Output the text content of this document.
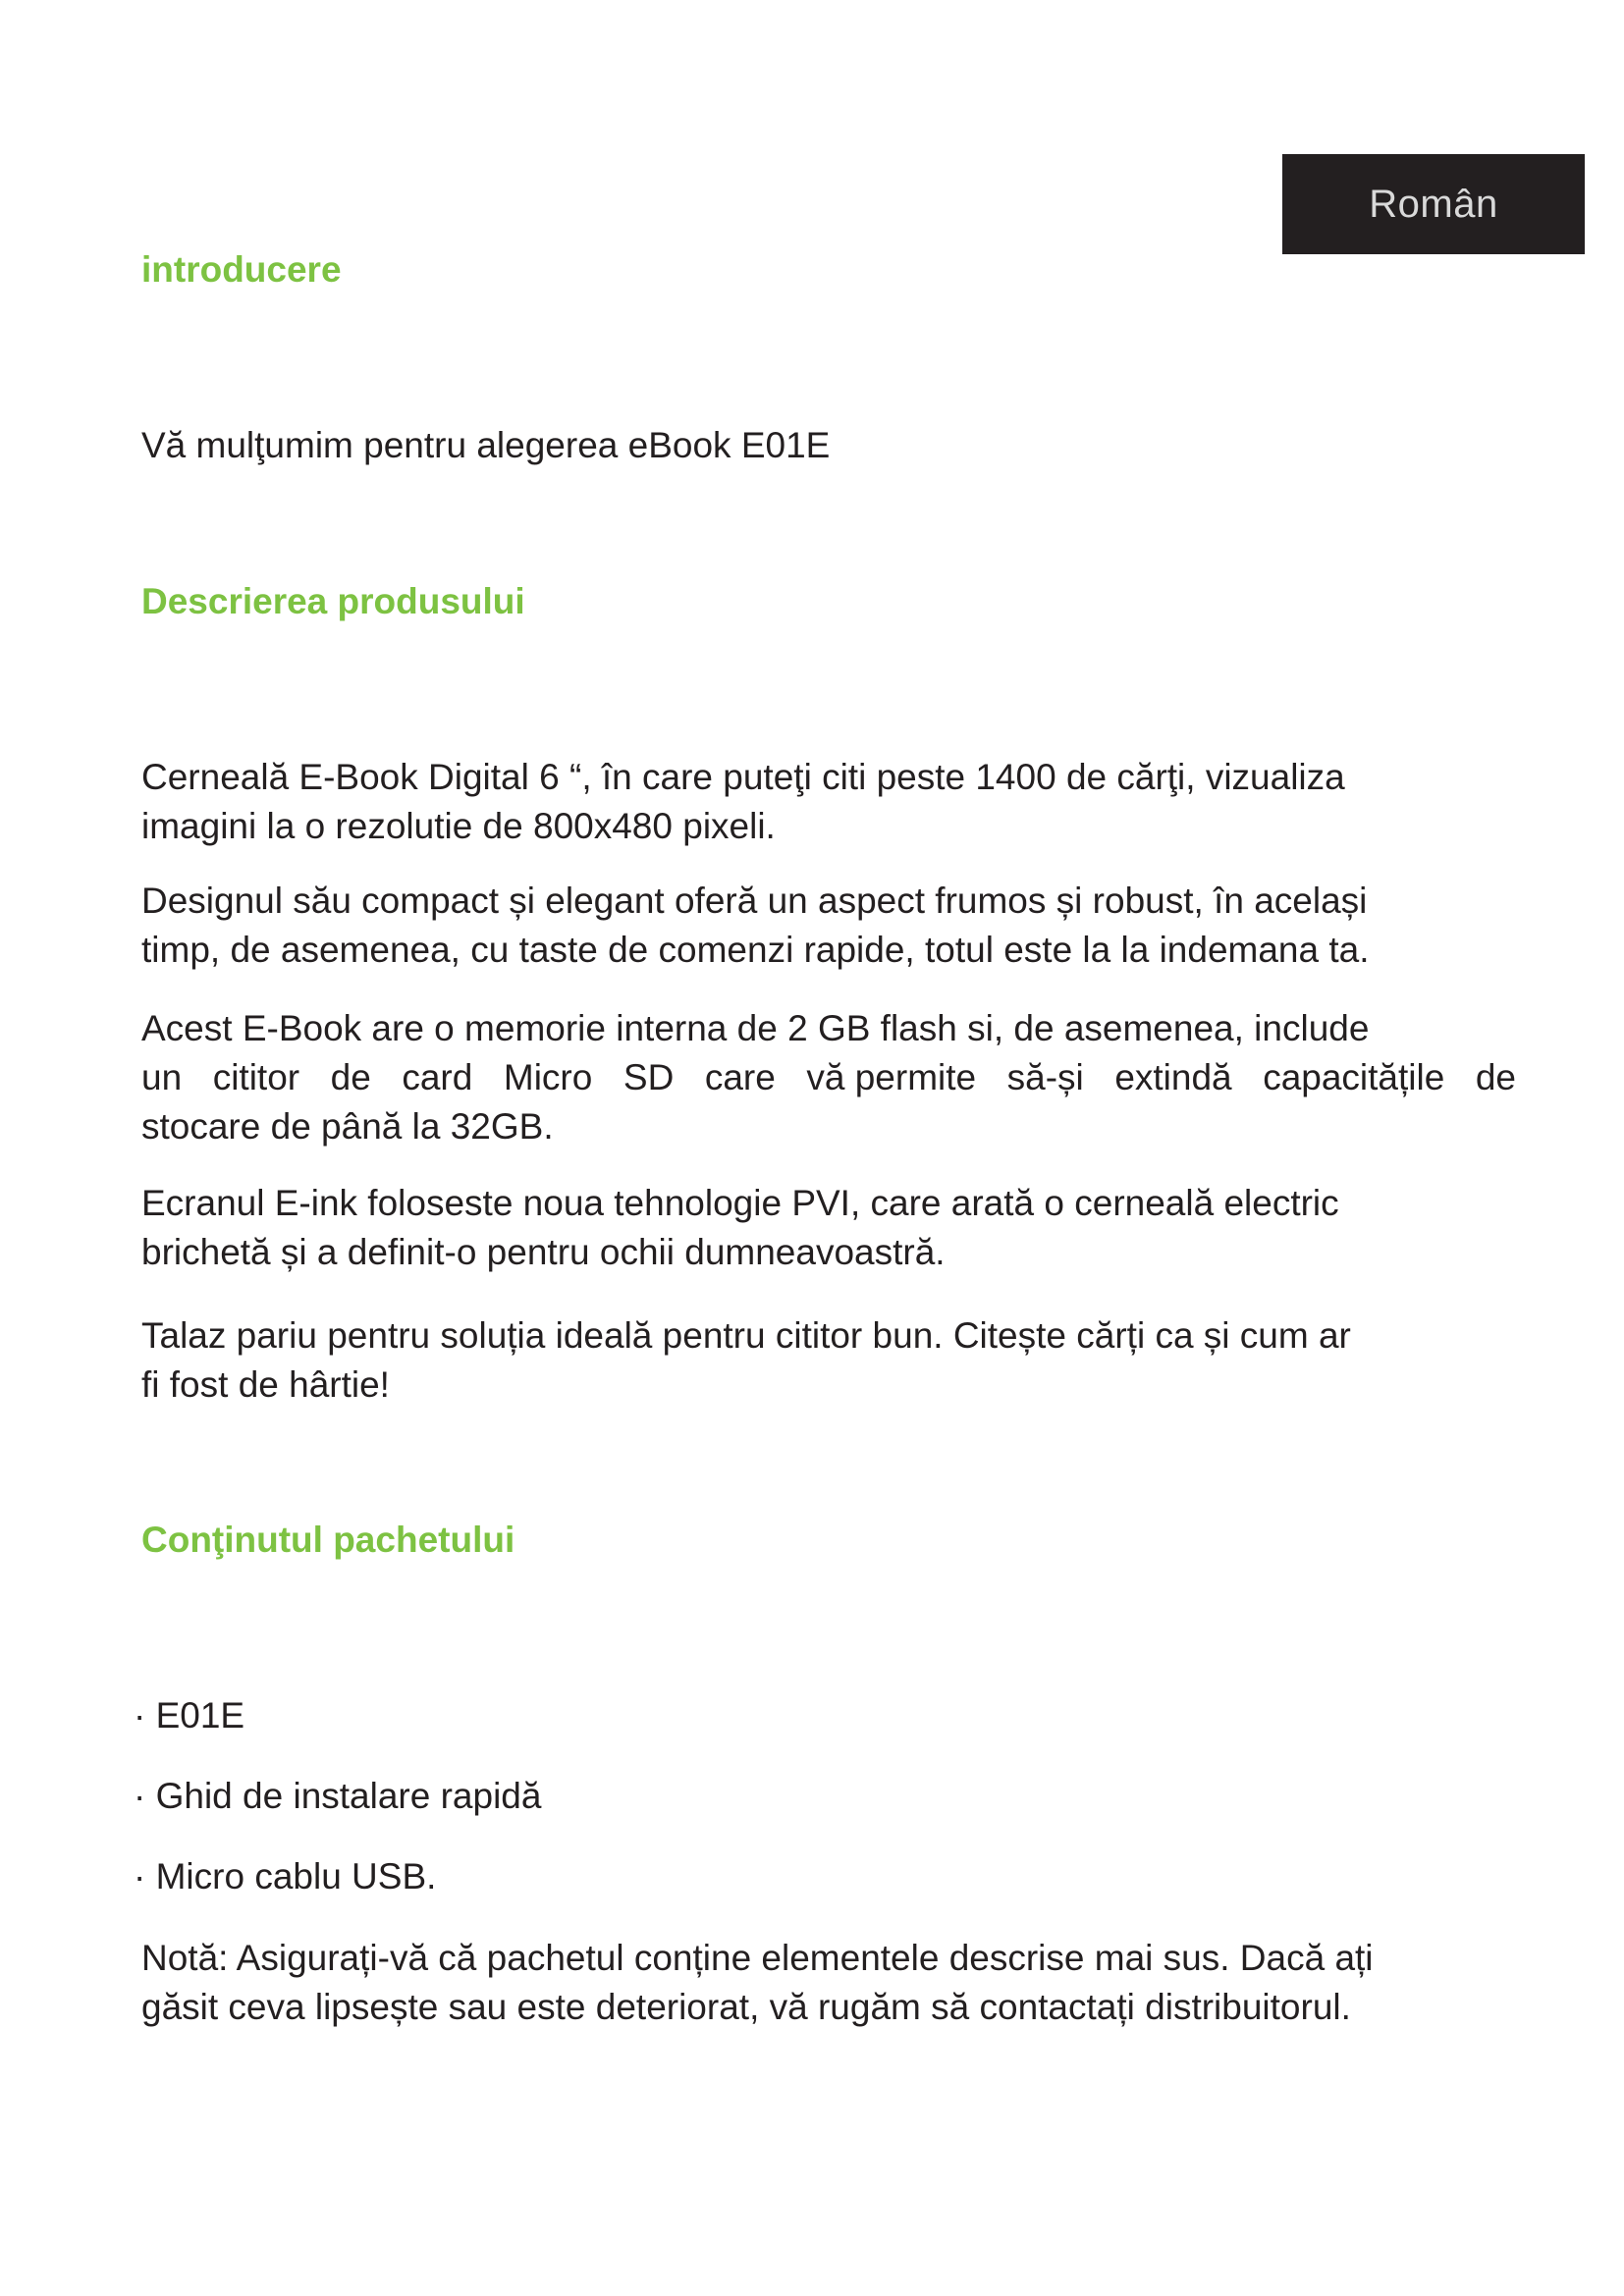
Român
introducere

Vă mulţumim pentru alegerea eBook E01E

Descrierea produsului

Cerneală E-Book Digital 6 “, în care puteţi citi peste 1400 de cărţi, vizualiza
imagini la o rezolutie de 800x480 pixeli.

Designul său compact și elegant oferă un aspect frumos și robust, în același
timp, de asemenea, cu taste de comenzi rapide, totul este la la indemana ta.

Acest E-Book are o memorie interna de 2 GB flash si, de asemenea, include
un cititor de card Micro SD care vă permite să-și extindă capacitățile de
stocare de până la 32GB.

Ecranul E-ink foloseste noua tehnologie PVI, care arată o cerneală electric
brichetă și a definit-o pentru ochii dumneavoastră.

Talaz pariu pentru soluția ideală pentru cititor bun. Citește cărți ca și cum ar
fi fost de hârtie!

Conţinutul pachetului

· E01E

· Ghid de instalare rapidă

· Micro cablu USB.

Notă: Asigurați-vă că pachetul conține elementele descrise mai sus. Dacă ați
găsit ceva lipsește sau este deteriorat, vă rugăm să contactați distribuitorul.
